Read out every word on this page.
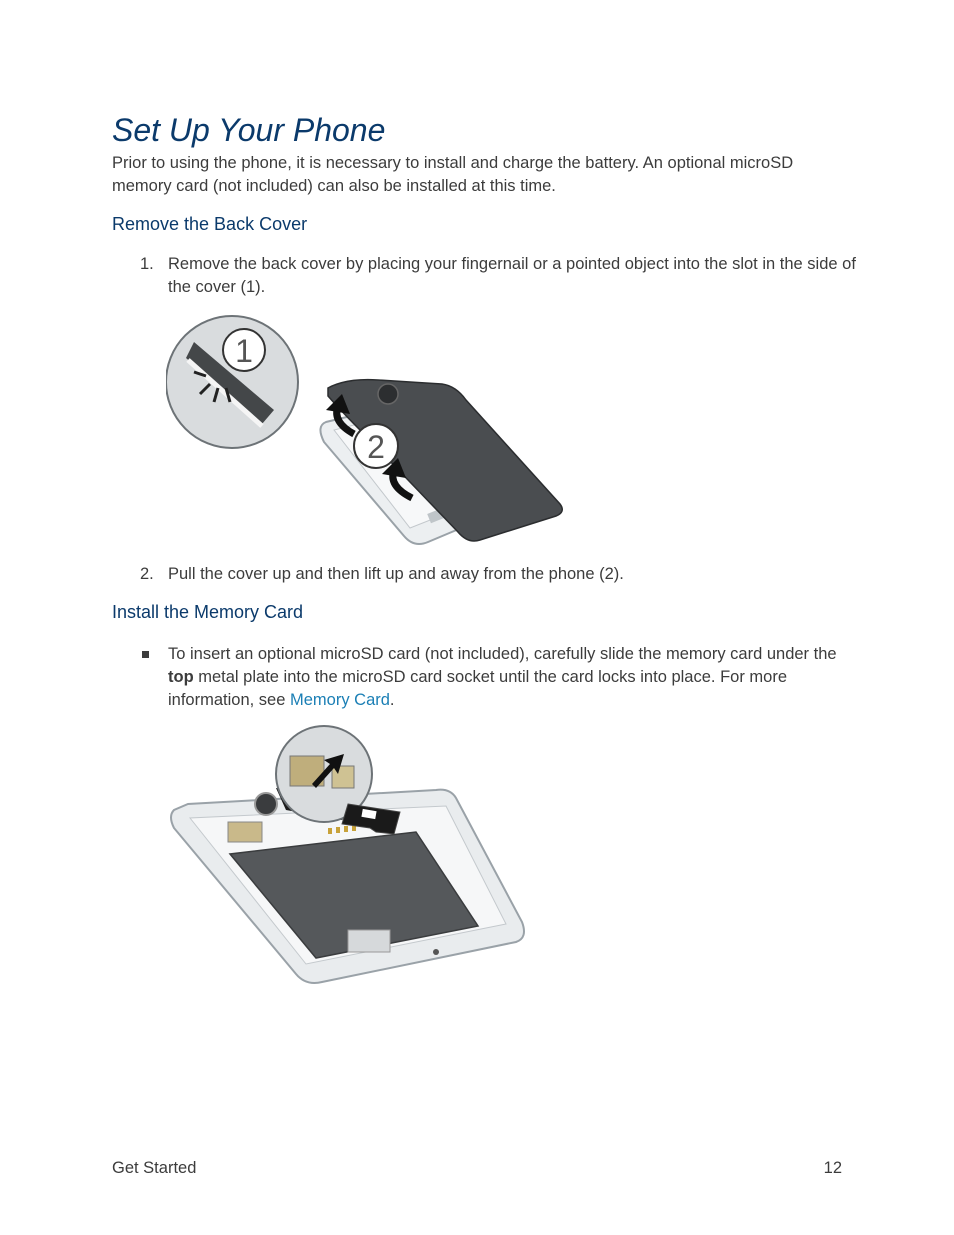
Set Up Your Phone

Prior to using the phone, it is necessary to install and charge the battery. An optional microSD memory card (not included) can also be installed at this time.

Remove the Back Cover
1. Remove the back cover by placing your fingernail or a pointed object into the slot in the side of the cover (1).
2
1
2. Pull the cover up and then lift up and away from the phone (2).
Install the Memory Card
To insert an optional microSD card (not included), carefully slide the memory card under the top metal plate into the microSD card socket until the card locks into place. For more information, see Memory Card.
Get Started	12
